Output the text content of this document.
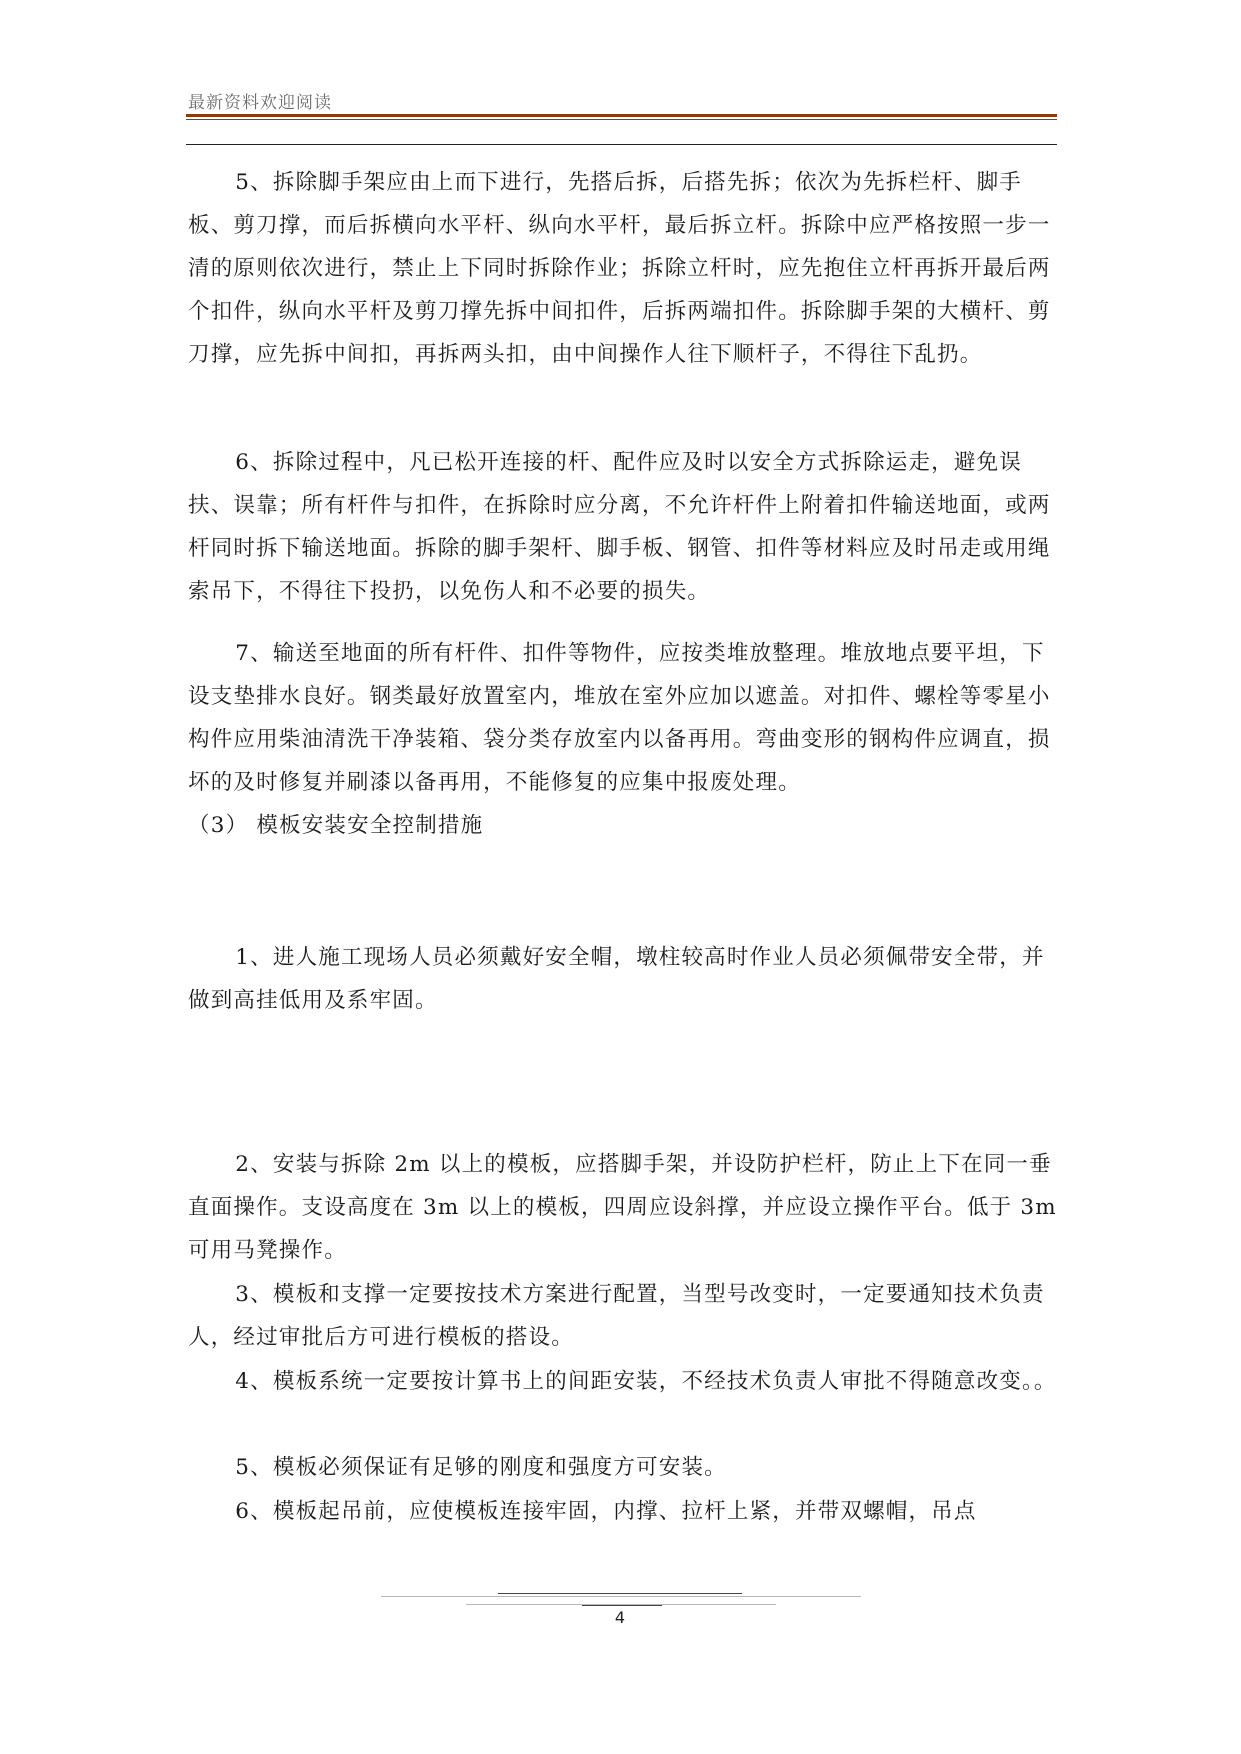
最新资料欢迎阅读

5、拆除脚手架应由上而下进行，先搭后拆，后搭先拆；依次为先拆栏杆、脚手板、剪刀撑，而后拆横向水平杆、纵向水平杆，最后拆立杆。拆除中应严格按照一步一清的原则依次进行，禁止上下同时拆除作业；拆除立杆时，应先抱住立杆再拆开最后两个扣件，纵向水平杆及剪刀撑先拆中间扣件，后拆两端扣件。拆除脚手架的大横杆、剪刀撑，应先拆中间扣，再拆两头扣，由中间操作人往下顺杆子，不得往下乱扔。

6、拆除过程中，凡已松开连接的杆、配件应及时以安全方式拆除运走，避免误扶、误靠；所有杆件与扣件，在拆除时应分离，不允许杆件上附着扣件输送地面，或两杆同时拆下输送地面。拆除的脚手架杆、脚手板、钢管、扣件等材料应及时吊走或用绳索吊下，不得往下投扔，以免伤人和不必要的损失。

7、输送至地面的所有杆件、扣件等物件，应按类堆放整理。堆放地点要平坦，下设支垫排水良好。钢类最好放置室内，堆放在室外应加以遮盖。对扣件、螺栓等零星小构件应用柴油清洗干净装箱、袋分类存放室内以备再用。弯曲变形的钢构件应调直，损坏的及时修复并刷漆以备再用，不能修复的应集中报废处理。

（3） 模板安装安全控制措施

1、进人施工现场人员必须戴好安全帽，墩柱较高时作业人员必须佩带安全带，并做到高挂低用及系牢固。

2、安装与拆除 2m 以上的模板，应搭脚手架，并设防护栏杆，防止上下在同一垂直面操作。支设高度在 3m 以上的模板，四周应设斜撑，并应设立操作平台。低于 3m 可用马凳操作。

3、模板和支撑一定要按技术方案进行配置，当型号改变时，一定要通知技术负责人，经过审批后方可进行模板的搭设。

4、模板系统一定要按计算书上的间距安装，不经技术负责人审批不得随意改变。。

5、模板必须保证有足够的刚度和强度方可安装。

6、模板起吊前，应使模板连接牢固，内撑、拉杆上紧，并带双螺帽，吊点

4
